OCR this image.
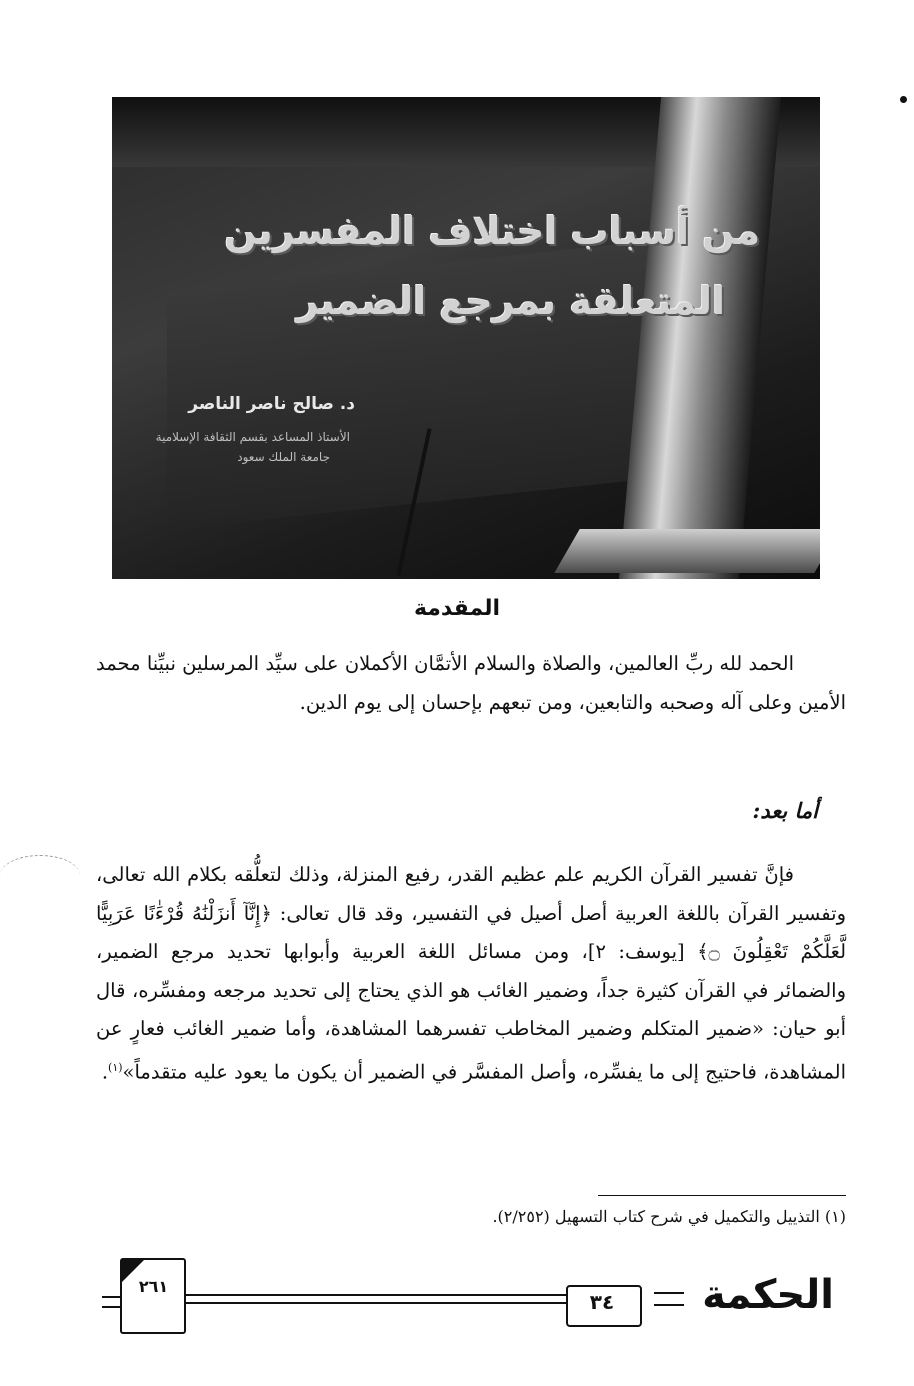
من أسباب اختلاف المفسرين
المتعلقة بمرجع الضمير
د. صالح ناصر الناصر
الأستاذ المساعد بقسم الثقافة الإسلامية
جامعة الملك سعود
المقدمة
الحمد لله ربِّ العالمين، والصلاة والسلام الأتمَّان الأكملان على سيِّد المرسلين نبيِّنا محمد الأمين وعلى آله وصحبه والتابعين، ومن تبعهم بإحسان إلى يوم الدين.
أما بعد:
فإنَّ تفسير القرآن الكريم علم عظيم القدر، رفيع المنزلة، وذلك لتعلُّقه بكلام الله تعالى، وتفسير القرآن باللغة العربية أصل أصيل في التفسير، وقد قال تعالى: ﴿إِنَّآ أَنزَلْنَٰهُ قُرْءَٰنًا عَرَبِيًّا لَّعَلَّكُمْ تَعْقِلُونَ ۝﴾ [يوسف: ٢]، ومن مسائل اللغة العربية وأبوابها تحديد مرجع الضمير، والضمائر في القرآن كثيرة جداً، وضمير الغائب هو الذي يحتاج إلى تحديد مرجعه ومفسِّره، قال أبو حيان: «ضمير المتكلم وضمير المخاطب تفسرهما المشاهدة، وأما ضمير الغائب فعارٍ عن المشاهدة، فاحتيج إلى ما يفسِّره، وأصل المفسَّر في الضمير أن يكون ما يعود عليه متقدماً»$^{(١)}$.
(١) التذييل والتكميل في شرح كتاب التسهيل (٢/٢٥٢).
٢٦١
٣٤	الحكمة
